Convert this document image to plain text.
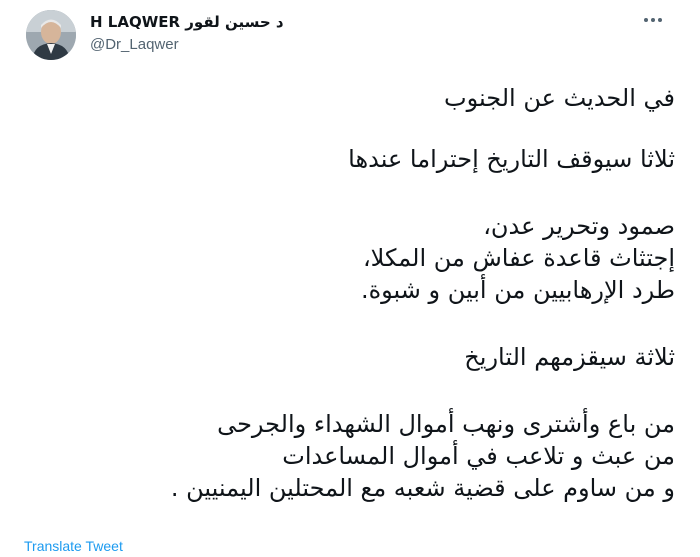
H LAQWER د حسين لقور
@Dr_Laqwer
في الحديث عن الجنوب
ثلاثا سيوقف التاريخ إحتراما عندها
صمود وتحرير عدن،
إجتثاث قاعدة عفاش من المكلا،
طرد الإرهابيين من أبين و شبوة.
ثلاثة سيقزمهم التاريخ
من باع وأشترى ونهب أموال الشهداء والجرحى
من عبث و تلاعب في أموال المساعدات
و من ساوم على قضية شعبه مع المحتلين اليمنيين .
Translate Tweet
